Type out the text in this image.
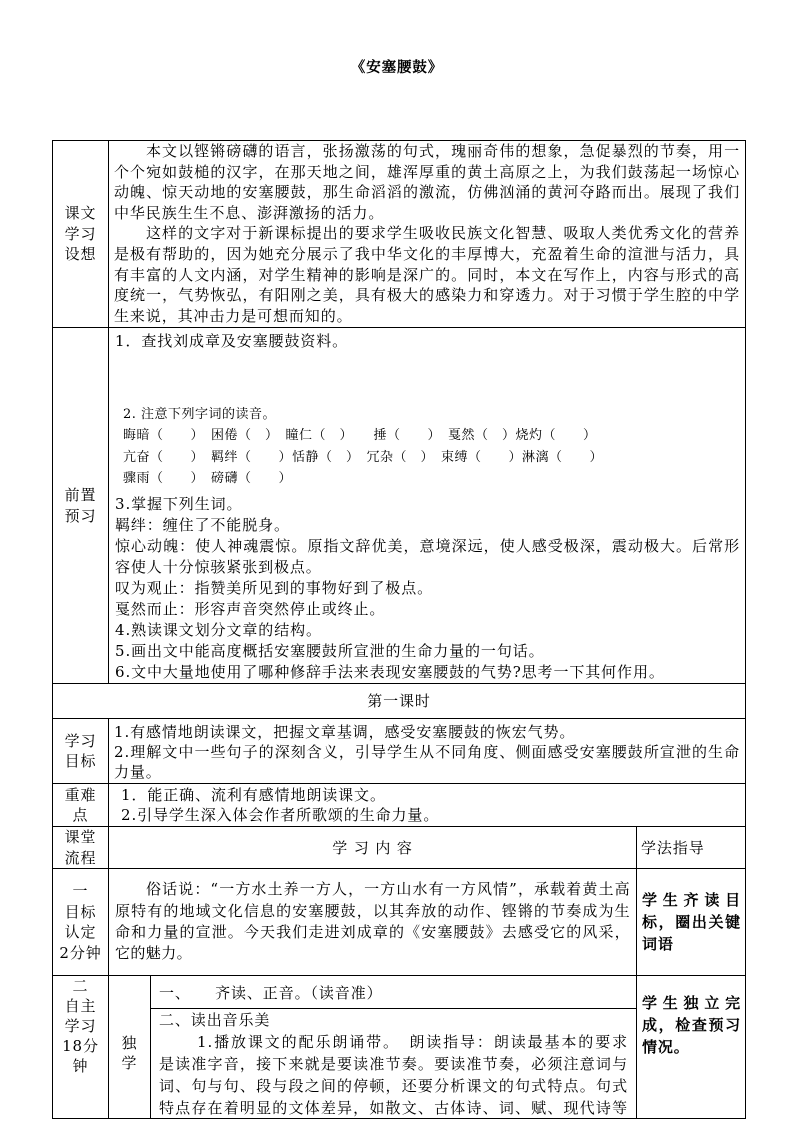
《安塞腰鼓》
课文
学习
设想
本文以铿锵磅礴的语言，张扬激荡的句式，瑰丽奇伟的想象，急促暴烈的节奏，用一
个个宛如鼓槌的汉字，在那天地之间，雄浑厚重的黄土高原之上，为我们鼓荡起一场惊心
动魄、惊天动地的安塞腰鼓，那生命滔滔的激流，仿佛汹涌的黄河夺路而出。展现了我们
中华民族生生不息、澎湃激扬的活力。
这样的文字对于新课标提出的要求学生吸收民族文化智慧、吸取人类优秀文化的营养
是极有帮助的，因为她充分展示了我中华文化的丰厚博大，充盈着生命的渲泄与活力，具
有丰富的人文内涵，对学生精神的影响是深广的。同时，本文在写作上，内容与形式的高
度统一，气势恢弘，有阳刚之美，具有极大的感染力和穿透力。对于习惯于学生腔的中学
生来说，其冲击力是可想而知的。
前置
预习
1．查找刘成章及安塞腰鼓资料。
2. 注意下列字词的读音。
晦暗（　　）　困倦（　）　瞳仁（　）　　捶（　　）　戛然（　）烧灼（　　）
亢奋（　　）　羁绊（　　）恬静（　）　冗杂（　）　束缚（　　）淋漓（　　）
骤雨（　　）　磅礴（　　）
3.掌握下列生词。
羁绊：缠住了不能脱身。
惊心动魄：使人神魂震惊。原指文辞优美，意境深远，使人感受极深，震动极大。后常形
容使人十分惊骇紧张到极点。
叹为观止：指赞美所见到的事物好到了极点。
戛然而止：形容声音突然停止或终止。
4.熟读课文划分文章的结构。
5.画出文中能高度概括安塞腰鼓所宣泄的生命力量的一句话。
6.文中大量地使用了哪种修辞手法来表现安塞腰鼓的气势?思考一下其何作用。
第一课时
学习
目标
1.有感情地朗读课文，把握文章基调，感受安塞腰鼓的恢宏气势。
2.理解文中一些句子的深刻含义，引导学生从不同角度、侧面感受安塞腰鼓所宣泄的生命
力量。
重难
点
1．能正确、流利有感情地朗读课文。
2.引导学生深入体会作者所歌颂的生命力量。
课堂
流程
学 习 内 容	学法指导
一
目标
认定
2分钟
俗话说：“一方水土养一方人，一方山水有一方风情”，承载着黄土高
原特有的地域文化信息的安塞腰鼓，以其奔放的动作、铿锵的节奏成为生
命和力量的宣泄。今天我们走进刘成章的《安塞腰鼓》去感受它的风采，
它的魅力。
学生齐读目标，圈出关键词语
二
自主
学习
18分
钟
独
学
一、　　齐读、正音。（读音准）
二、读出音乐美
1.播放课文的配乐朗诵带。　朗读指导：朗读最基本的要求
是读准字音，接下来就是要读准节奏。要读准节奏，必须注意词与
词、句与句、段与段之间的停顿，还要分析课文的句式特点。句式
特点存在着明显的文体差异，如散文、古体诗、词、赋、现代诗等
学生独立完成，检查预习情况。
